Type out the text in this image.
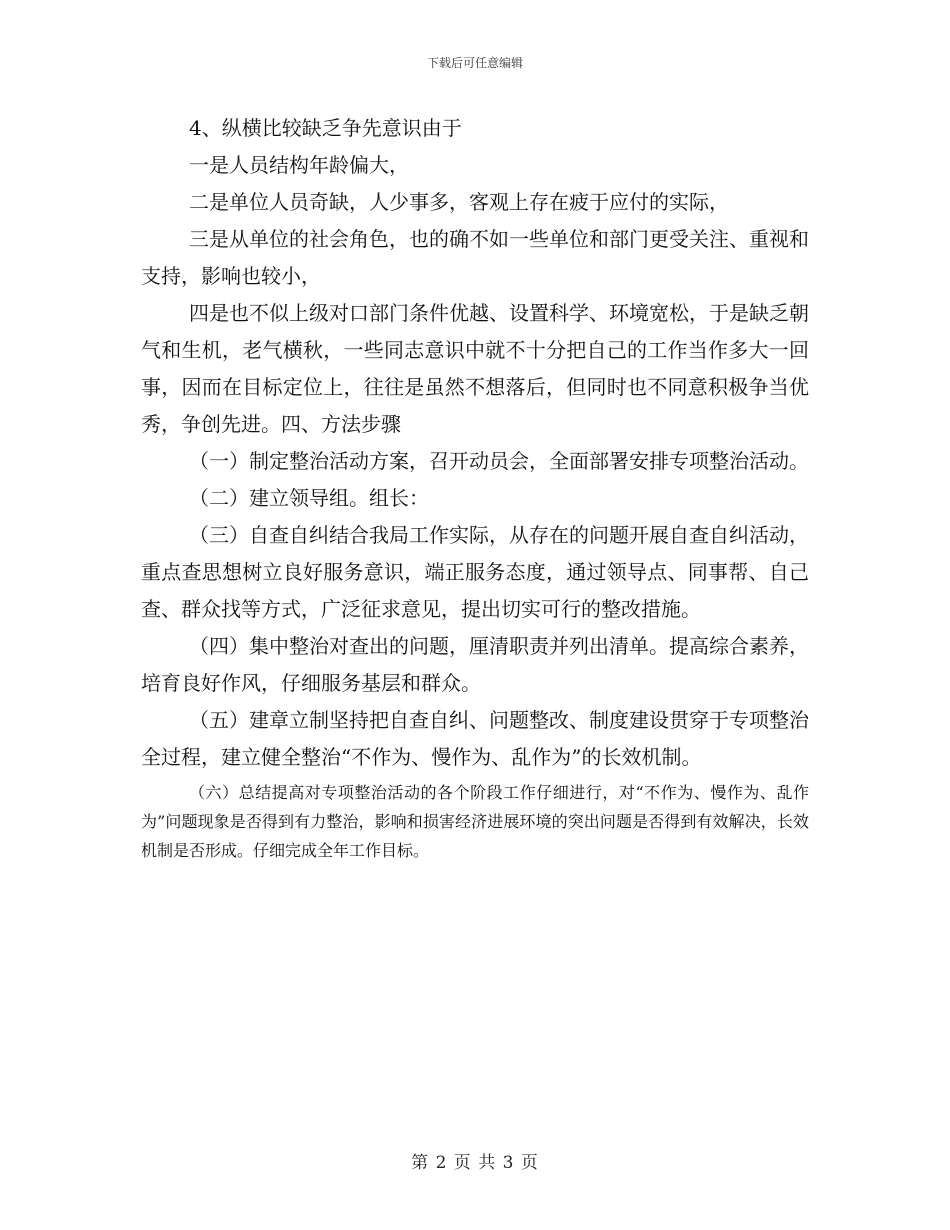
下载后可任意编辑

4、纵横比较缺乏争先意识由于

一是人员结构年龄偏大，

二是单位人员奇缺，人少事多，客观上存在疲于应付的实际，

三是从单位的社会角色，也的确不如一些单位和部门更受关注、重视和支持，影响也较小，

四是也不似上级对口部门条件优越、设置科学、环境宽松，于是缺乏朝气和生机，老气横秋，一些同志意识中就不十分把自己的工作当作多大一回事，因而在目标定位上，往往是虽然不想落后，但同时也不同意积极争当优秀，争创先进。四、方法步骤

（一）制定整治活动方案，召开动员会，全面部署安排专项整治活动。

（二）建立领导组。组长：

（三）自查自纠结合我局工作实际，从存在的问题开展自查自纠活动，重点查思想树立良好服务意识，端正服务态度，通过领导点、同事帮、自己查、群众找等方式，广泛征求意见，提出切实可行的整改措施。

（四）集中整治对查出的问题，厘清职责并列出清单。提高综合素养，培育良好作风，仔细服务基层和群众。

（五）建章立制坚持把自查自纠、问题整改、制度建设贯穿于专项整治全过程，建立健全整治“不作为、慢作为、乱作为”的长效机制。

（六）总结提高对专项整治活动的各个阶段工作仔细进行，对“不作为、慢作为、乱作为”问题现象是否得到有力整治，影响和损害经济进展环境的突出问题是否得到有效解决，长效机制是否形成。仔细完成全年工作目标。

第 2 页 共 3 页
